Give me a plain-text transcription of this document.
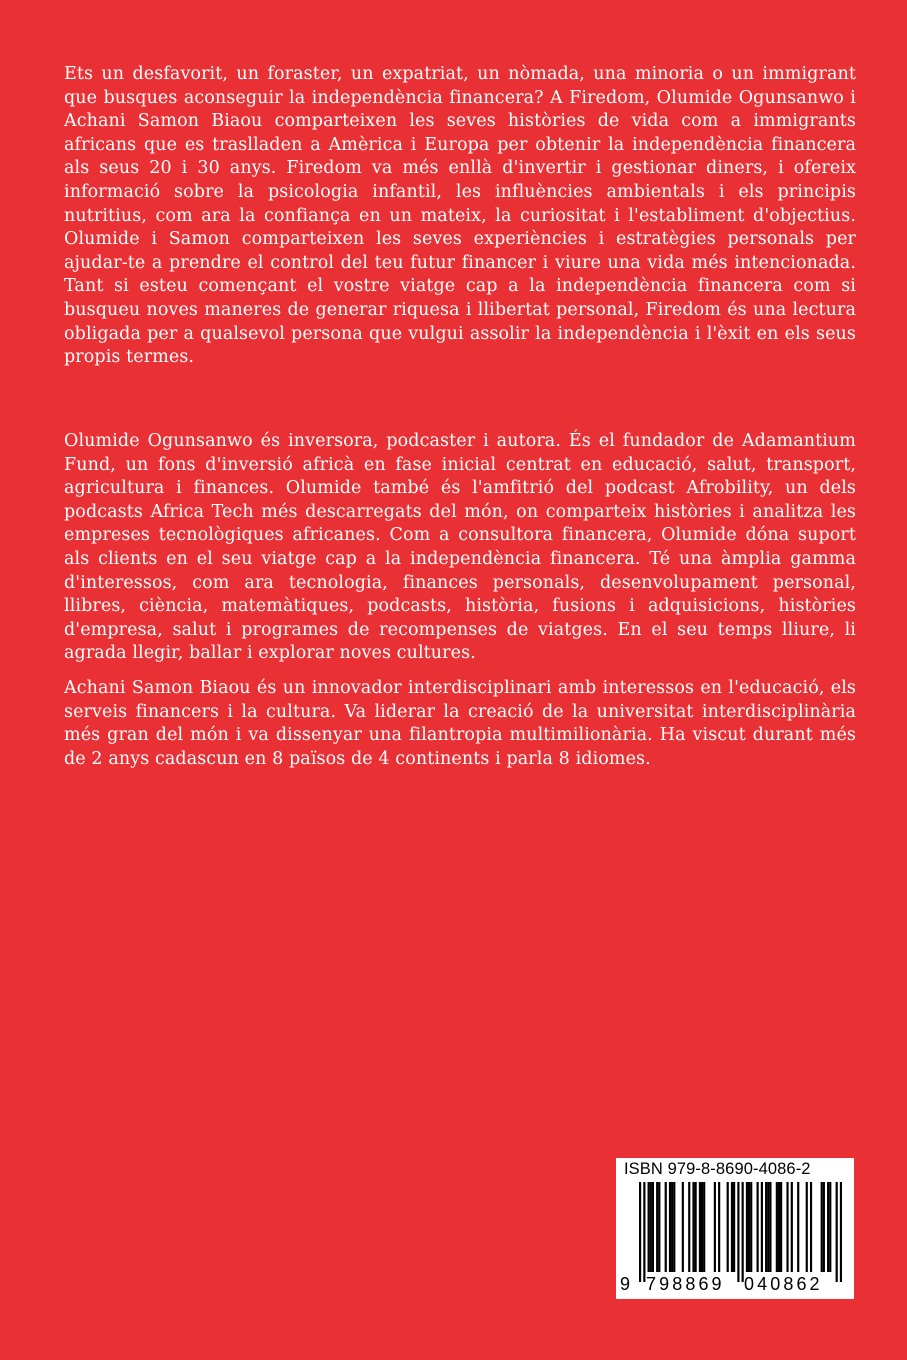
Ets un desfavorit, un foraster, un expatriat, un nòmada, una minoria o un immigrant que busques aconseguir la independència financera? A Firedom, Olumide Ogunsanwo i Achani Samon Biaou comparteixen les seves històries de vida com a immigrants africans que es traslladen a Amèrica i Europa per obtenir la independència financera als seus 20 i 30 anys. Firedom va més enllà d'invertir i gestionar diners, i ofereix informació sobre la psicologia infantil, les influències ambientals i els principis nutritius, com ara la confiança en un mateix, la curiositat i l'establiment d'objectius. Olumide i Samon comparteixen les seves experiències i estratègies personals per ajudar-te a prendre el control del teu futur financer i viure una vida més intencionada. Tant si esteu començant el vostre viatge cap a la independència financera com si busqueu noves maneres de generar riquesa i llibertat personal, Firedom és una lectura obligada per a qualsevol persona que vulgui assolir la independència i l'èxit en els seus propis termes.

Olumide Ogunsanwo és inversora, podcaster i autora. És el fundador de Adamantium Fund, un fons d'inversió africà en fase inicial centrat en educació, salut, transport, agricultura i finances. Olumide també és l'amfitrió del podcast Afrobility, un dels podcasts Africa Tech més descarregats del món, on comparteix històries i analitza les empreses tecnològiques africanes. Com a consultora financera, Olumide dóna suport als clients en el seu viatge cap a la independència financera. Té una àmplia gamma d'interessos, com ara tecnologia, finances personals, desenvolupament personal, llibres, ciència, matemàtiques, podcasts, història, fusions i adquisicions, històries d'empresa, salut i programes de recompenses de viatges. En el seu temps lliure, li agrada llegir, ballar i explorar noves cultures.

Achani Samon Biaou és un innovador interdisciplinari amb interessos en l'educació, els serveis financers i la cultura. Va liderar la creació de la universitat interdisciplinària més gran del món i va dissenyar una filantropia multimilionària. Ha viscut durant més de 2 anys cadascun en 8 països de 4 continents i parla 8 idiomes.

ISBN 979-8-8690-4086-2
9 798869 040862
